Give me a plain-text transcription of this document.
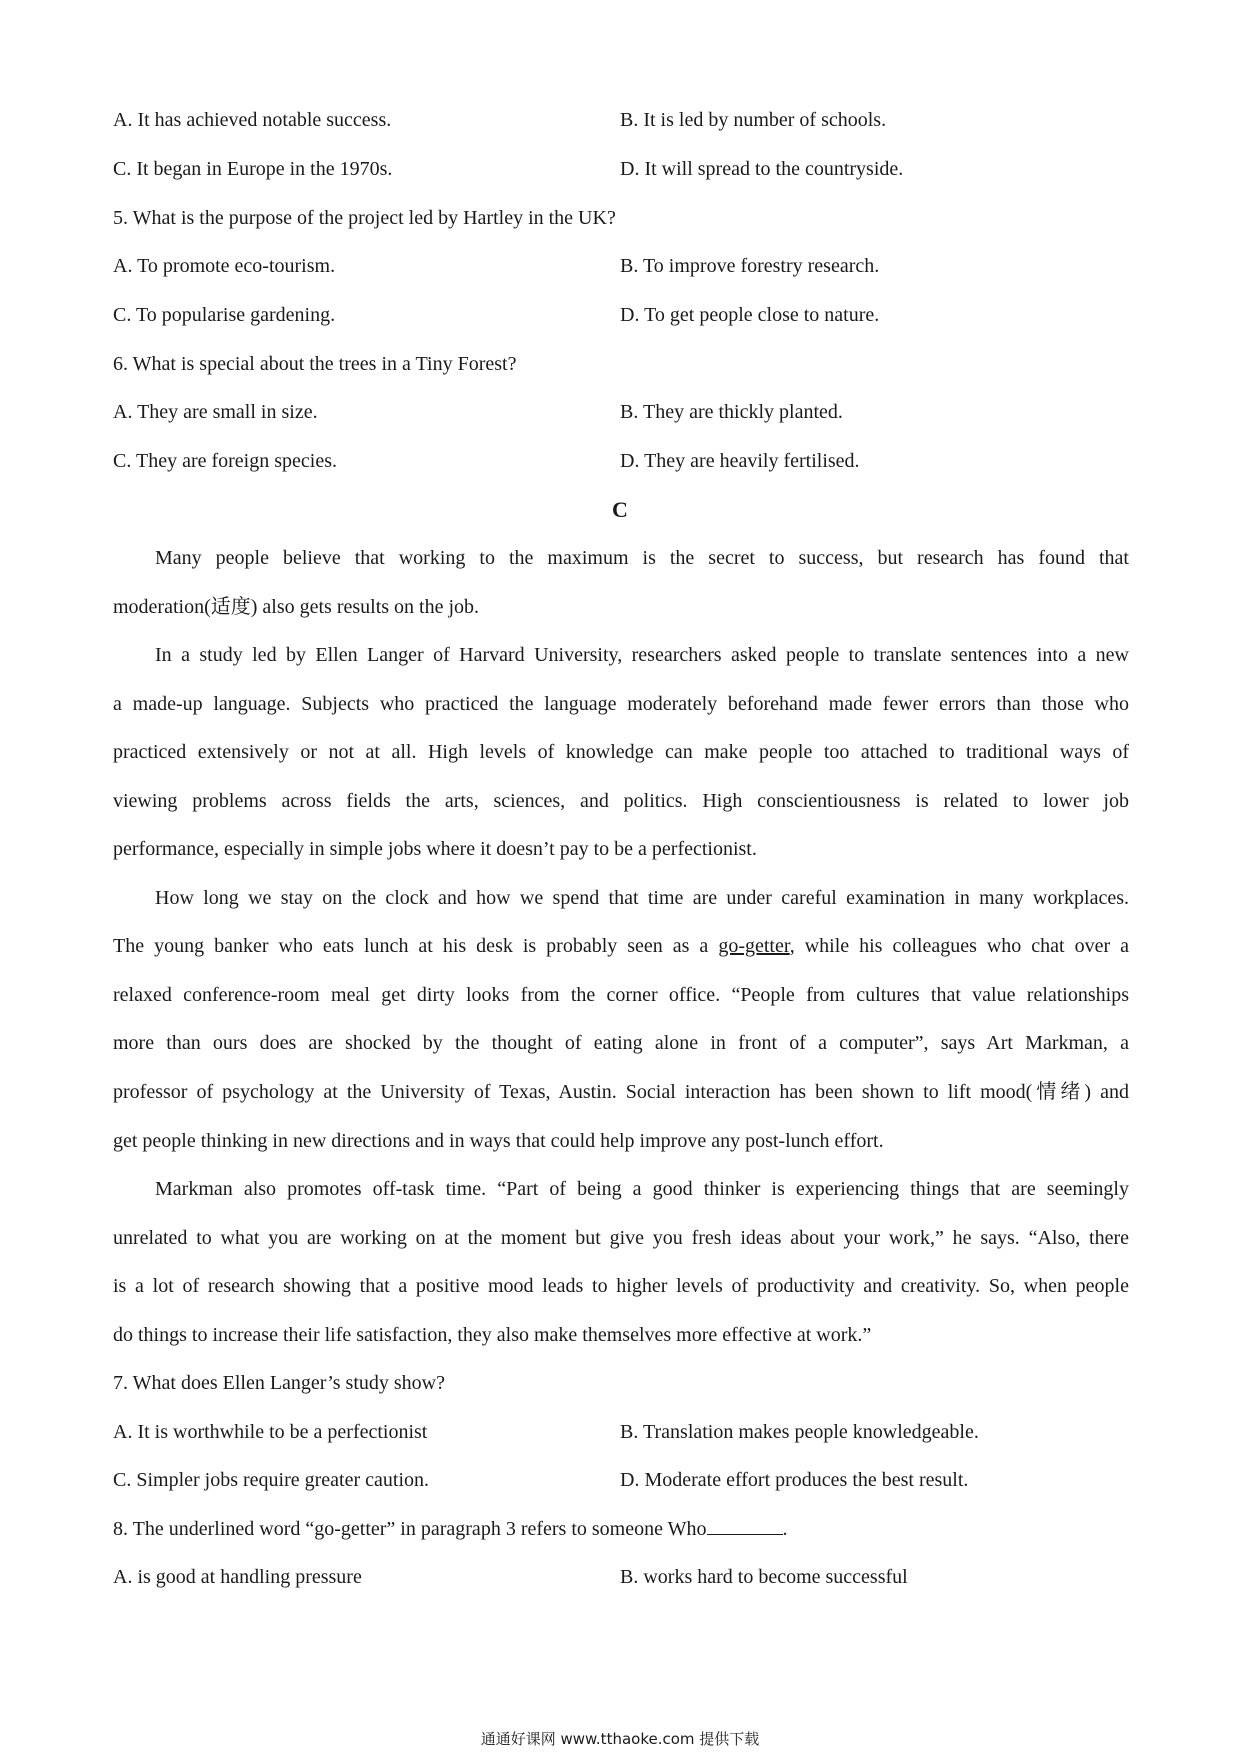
A. It has achieved notable success.	B. It is led by number of schools.
C. It began in Europe in the 1970s.	D. It will spread to the countryside.
5. What is the purpose of the project led by Hartley in the UK?
A. To promote eco-tourism.	B. To improve forestry research.
C. To popularise gardening.	D. To get people close to nature.
6. What is special about the trees in a Tiny Forest?
A. They are small in size.	B. They are thickly planted.
C. They are foreign species.	D. They are heavily fertilised.
C
Many people believe that working to the maximum is the secret to success, but research has found that
moderation(适度) also gets results on the job.
In a study led by Ellen Langer of Harvard University, researchers asked people to translate sentences into a new
a made-up language. Subjects who practiced the language moderately beforehand made fewer errors than those who
practiced extensively or not at all. High levels of knowledge can make people too attached to traditional ways of
viewing problems across fields the arts, sciences, and politics. High conscientiousness is related to lower job
performance, especially in simple jobs where it doesn’t pay to be a perfectionist.
How long we stay on the clock and how we spend that time are under careful examination in many workplaces.
The young banker who eats lunch at his desk is probably seen as a go-getter, while his colleagues who chat over a
relaxed conference-room meal get dirty looks from the corner office. “People from cultures that value relationships
more than ours does are shocked by the thought of eating alone in front of a computer”, says Art Markman, a
professor of psychology at the University of Texas, Austin. Social interaction has been shown to lift mood(情绪) and
get people thinking in new directions and in ways that could help improve any post-lunch effort.
Markman also promotes off-task time. “Part of being a good thinker is experiencing things that are seemingly
unrelated to what you are working on at the moment but give you fresh ideas about your work,” he says. “Also, there
is a lot of research showing that a positive mood leads to higher levels of productivity and creativity. So, when people
do things to increase their life satisfaction, they also make themselves more effective at work.”
7. What does Ellen Langer’s study show?
A. It is worthwhile to be a perfectionist	B. Translation makes people knowledgeable.
C. Simpler jobs require greater caution.	D. Moderate effort produces the best result.
8. The underlined word “go-getter” in paragraph 3 refers to someone Who	.
A. is good at handling pressure	B. works hard to become successful
通通好课网 www.tthaoke.com 提供下载
